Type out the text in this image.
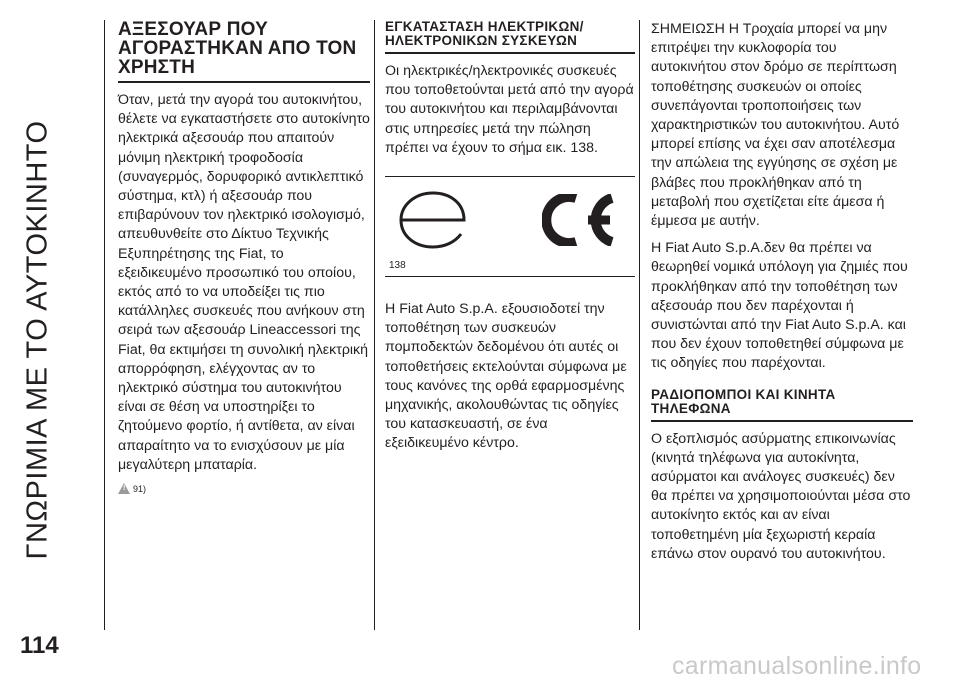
ΓΝΩΡΙΜΙΑ ΜΕ ΤΟ ΑΥΤΟΚΙΝΗΤΟ
ΑΞΕΣΟΥΑΡ ΠΟΥ ΑΓΟΡΑΣΤΗΚΑΝ ΑΠΟ ΤΟΝ ΧΡΗΣΤΗ

Όταν, μετά την αγορά του αυτοκινήτου, θέλετε να εγκαταστήσετε στο αυτοκίνητο ηλεκτρικά αξεσουάρ που απαιτούν μόνιμη ηλεκτρική τροφοδοσία (συναγερμός, δορυφορικό αντικλεπτικό σύστημα, κτλ) ή αξεσουάρ που επιβαρύνουν τον ηλεκτρικό ισολογισμό, απευθυνθείτε στο Δίκτυο Τεχνικής Εξυπηρέτησης της Fiat, το εξειδικευμένο προσωπικό του οποίου, εκτός από το να υποδείξει τις πιο κατάλληλες συσκευές που ανήκουν στη σειρά των αξεσουάρ Lineaccessori της Fiat, θα εκτιμήσει τη συνολική ηλεκτρική απορρόφηση, ελέγχοντας αν το ηλεκτρικό σύστημα του αυτοκινήτου είναι σε θέση να υποστηρίξει το ζητούμενο φορτίο, ή αντίθετα, αν είναι απαραίτητο να το ενισχύσουν με μία μεγαλύτερη μπαταρία.

! 91)
ΕΓΚΑΤΑΣΤΑΣΗ ΗΛΕΚΤΡΙΚΩΝ/ΗΛΕΚΤΡΟΝΙΚΩΝ ΣΥΣΚΕΥΩΝ

Οι ηλεκτρικές/ηλεκτρονικές συσκευές που τοποθετούνται μετά από την αγορά του αυτοκινήτου και περιλαμβάνονται στις υπηρεσίες μετά την πώληση πρέπει να έχουν το σήμα εικ. 138.

138

Η Fiat Auto S.p.A. εξουσιοδοτεί την τοποθέτηση των συσκευών πομποδεκτών δεδομένου ότι αυτές οι τοποθετήσεις εκτελούνται σύμφωνα με τους κανόνες της ορθά εφαρμοσμένης μηχανικής, ακολουθώντας τις οδηγίες του κατασκευαστή, σε ένα εξειδικευμένο κέντρο.

ΣΗΜΕΙΩΣΗ Η Τροχαία μπορεί να μην επιτρέψει την κυκλοφορία του αυτοκινήτου στον δρόμο σε περίπτωση τοποθέτησης συσκευών οι οποίες συνεπάγονται τροποποιήσεις των χαρακτηριστικών του αυτοκινήτου. Αυτό μπορεί επίσης να έχει σαν αποτέλεσμα την απώλεια της εγγύησης σε σχέση με βλάβες που προκλήθηκαν από τη μεταβολή που σχετίζεται είτε άμεσα ή έμμεσα με αυτήν.

Η Fiat Auto S.p.A.δεν θα πρέπει να θεωρηθεί νομικά υπόλογη για ζημιές που προκλήθηκαν από την τοποθέτηση των αξεσουάρ που δεν παρέχονται ή συνιστώνται από την Fiat Auto S.p.A. και που δεν έχουν τοποθετηθεί σύμφωνα με τις οδηγίες που παρέχονται.

ΡΑΔΙΟΠΟΜΠΟΙ ΚΑΙ ΚΙΝΗΤΑ ΤΗΛΕΦΩΝΑ

Ο εξοπλισμός ασύρματης επικοινωνίας (κινητά τηλέφωνα για αυτοκίνητα, ασύρματοι και ανάλογες συσκευές) δεν θα πρέπει να χρησιμοποιούνται μέσα στο αυτοκίνητο εκτός και αν είναι τοποθετημένη μία ξεχωριστή κεραία επάνω στον ουρανό του αυτοκινήτου.

114
carmanualsonline.info
